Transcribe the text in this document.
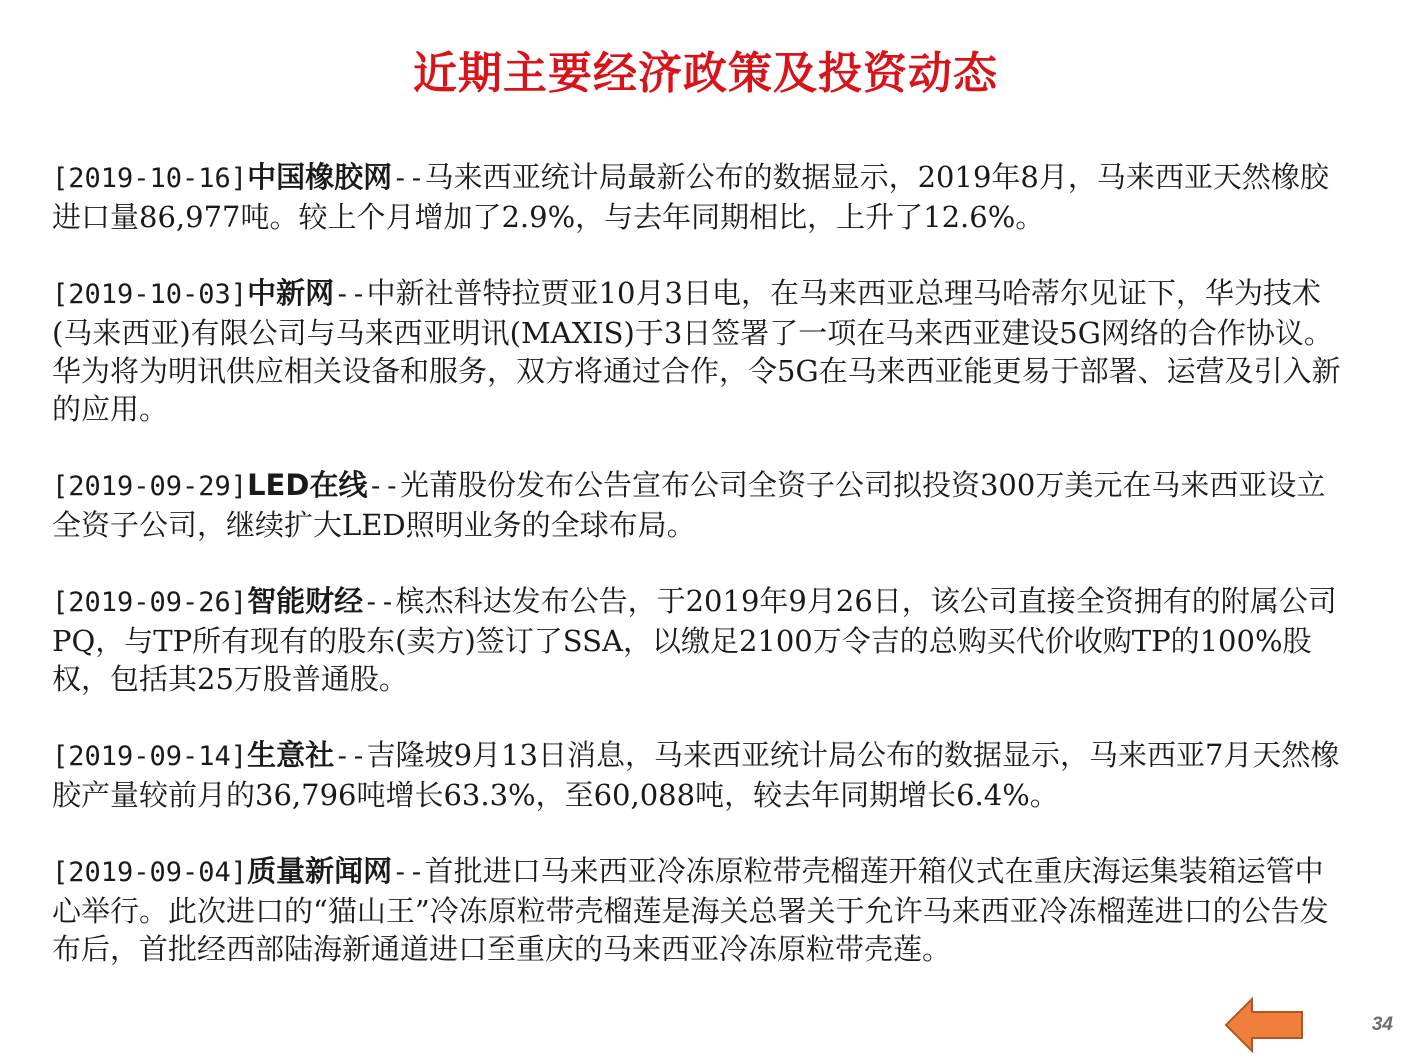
近期主要经济政策及投资动态
[2019-10-16]中国橡胶网--马来西亚统计局最新公布的数据显示，2019年8月，马来西亚天然橡胶进口量86,977吨。较上个月增加了2.9%，与去年同期相比，上升了12.6%。
[2019-10-03]中新网--中新社普特拉贾亚10月3日电，在马来西亚总理马哈蒂尔见证下，华为技术(马来西亚)有限公司与马来西亚明讯(MAXIS)于3日签署了一项在马来西亚建设5G网络的合作协议。华为将为明讯供应相关设备和服务，双方将通过合作，令5G在马来西亚能更易于部署、运营及引入新的应用。
[2019-09-29]LED在线--光莆股份发布公告宣布公司全资子公司拟投资300万美元在马来西亚设立全资子公司，继续扩大LED照明业务的全球布局。
[2019-09-26]智能财经--槟杰科达发布公告，于2019年9月26日，该公司直接全资拥有的附属公司PQ，与TP所有现有的股东(卖方)签订了SSA，以缴足2100万令吉的总购买代价收购TP的100%股权，包括其25万股普通股。
[2019-09-14]生意社--吉隆坡9月13日消息，马来西亚统计局公布的数据显示，马来西亚7月天然橡胶产量较前月的36,796吨增长63.3%，至60,088吨，较去年同期增长6.4%。
[2019-09-04]质量新闻网--首批进口马来西亚冷冻原粒带壳榴莲开箱仪式在重庆海运集装箱运管中心举行。此次进口的“猫山王”冷冻原粒带壳榴莲是海关总署关于允许马来西亚冷冻榴莲进口的公告发布后，首批经西部陆海新通道进口至重庆的马来西亚冷冻原粒带壳莲。
34
